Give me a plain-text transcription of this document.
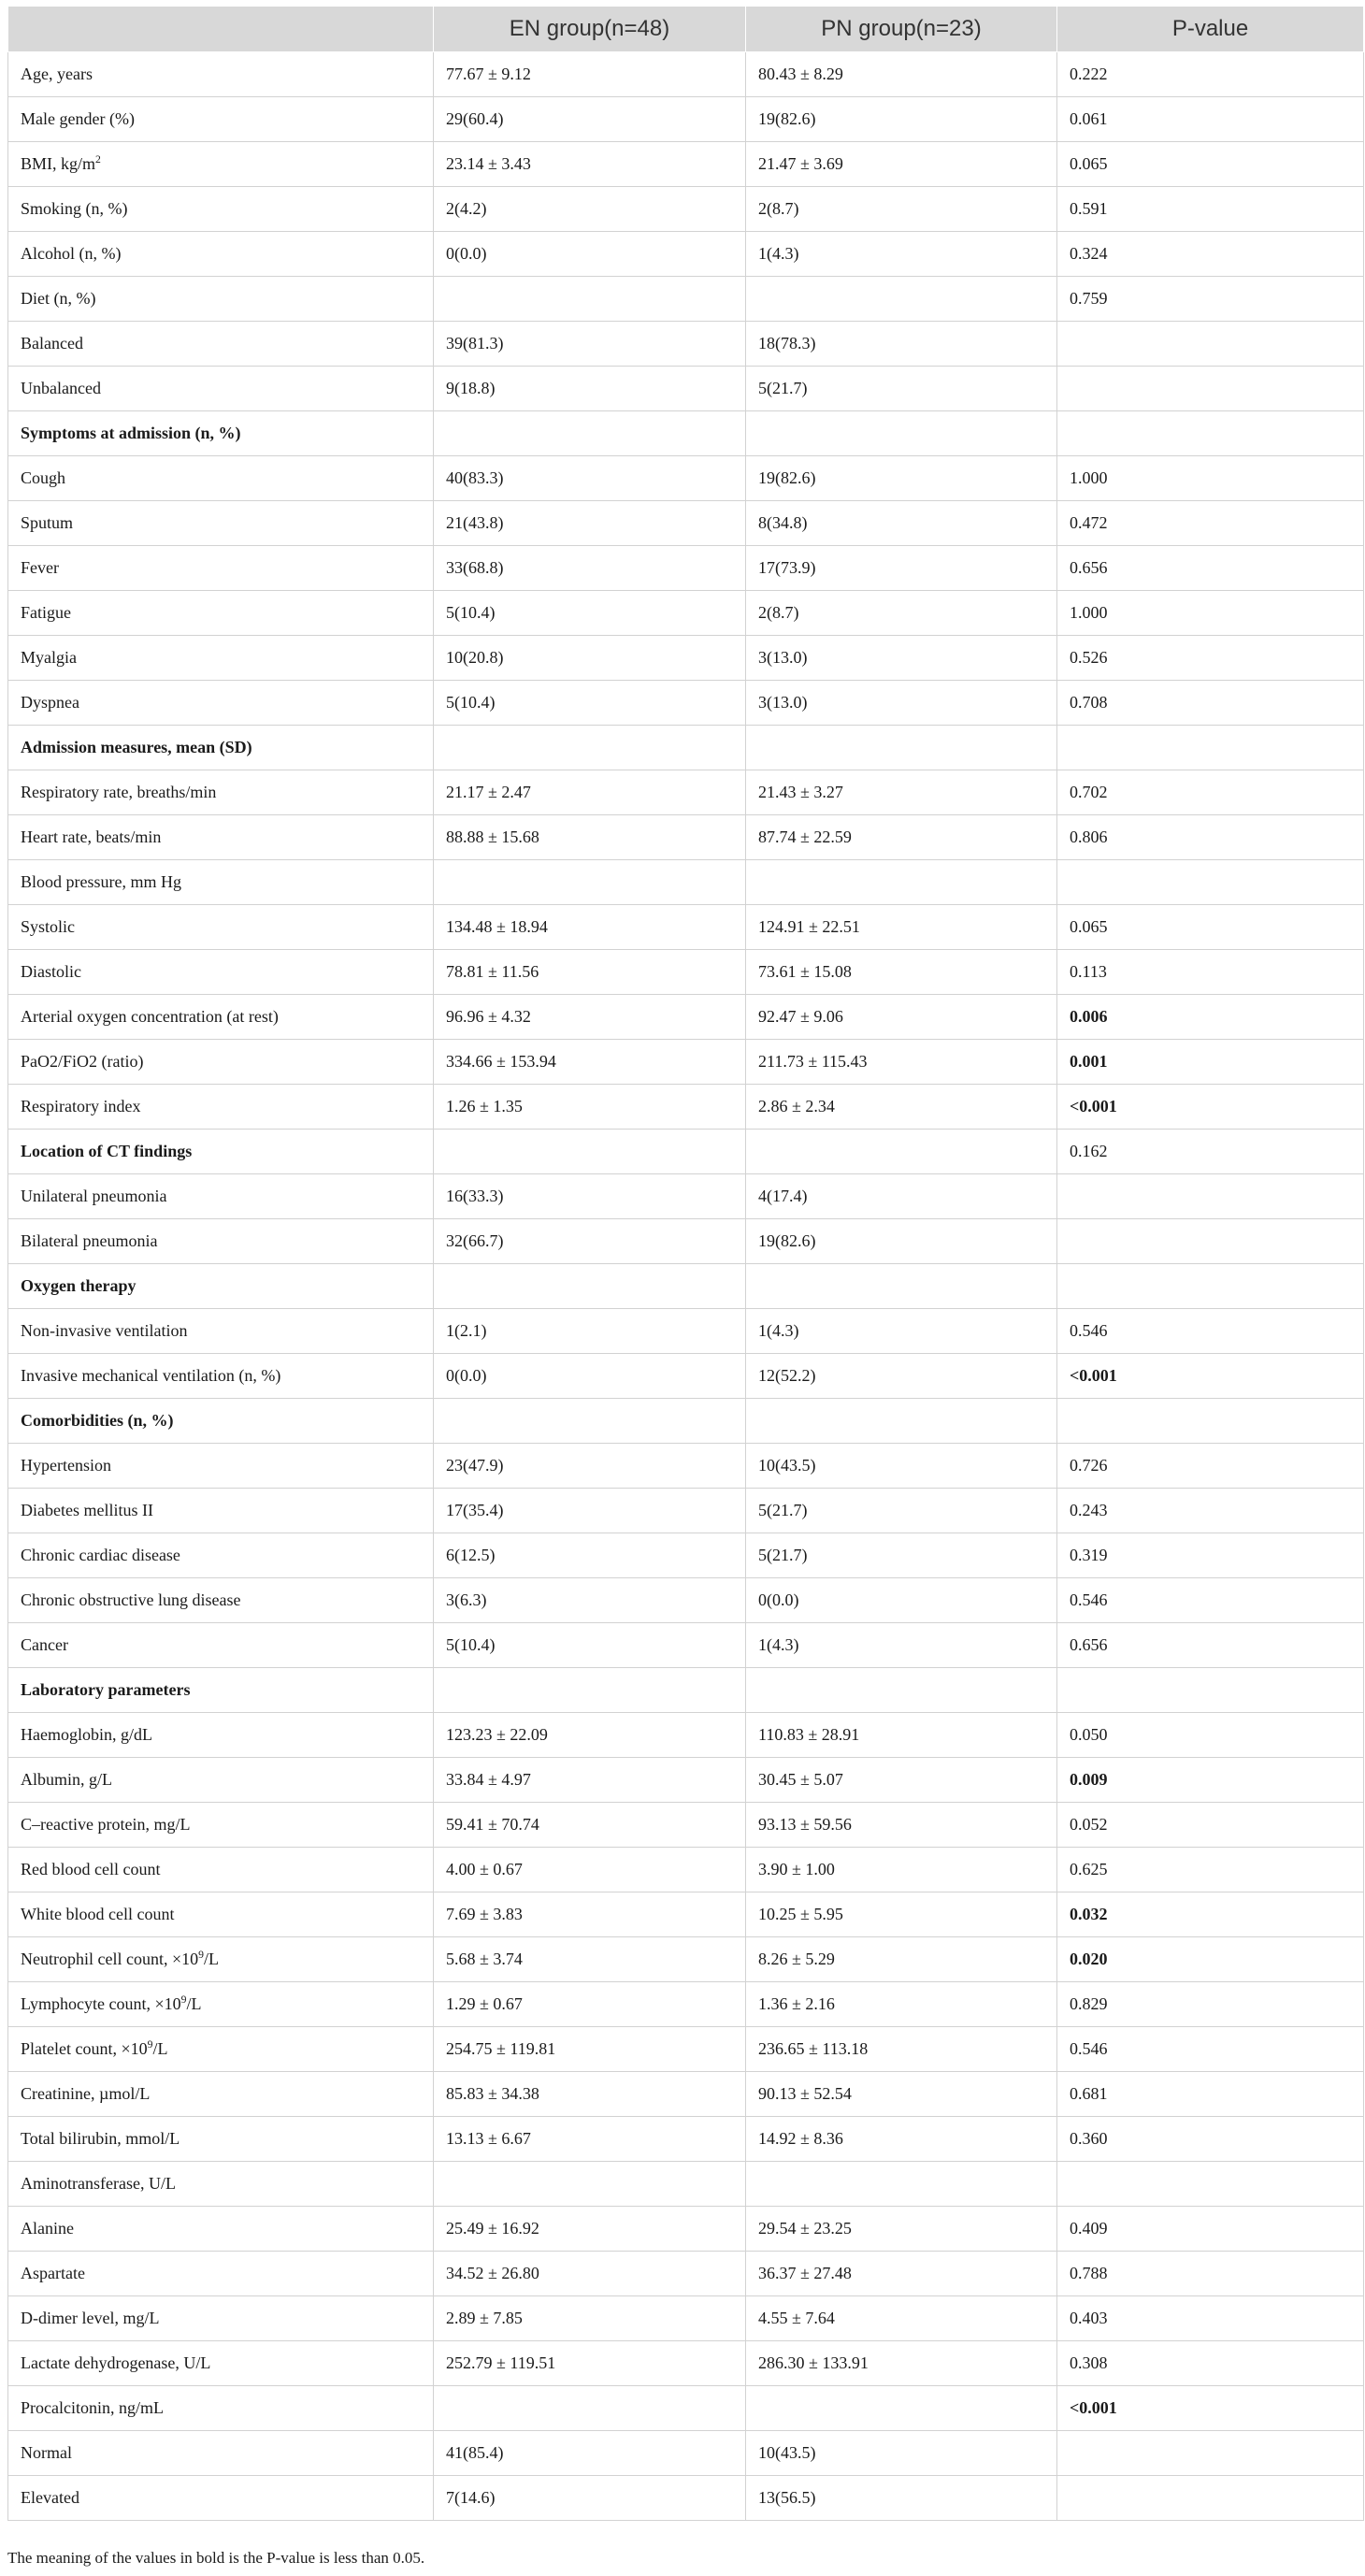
	EN group(n=48)	PN group(n=23)	P-value
Age, years	77.67 ± 9.12	80.43 ± 8.29	0.222
Male gender (%)	29(60.4)	19(82.6)	0.061
BMI, $kg/m^2$	23.14 ± 3.43	21.47 ± 3.69	0.065
Smoking (n, %)	2(4.2)	2(8.7)	0.591
Alcohol (n, %)	0(0.0)	1(4.3)	0.324
Diet (n, %)			0.759
Balanced	39(81.3)	18(78.3)	
Unbalanced	9(18.8)	5(21.7)	
Symptoms at admission (n, %)			
Cough	40(83.3)	19(82.6)	1.000
Sputum	21(43.8)	8(34.8)	0.472
Fever	33(68.8)	17(73.9)	0.656
Fatigue	5(10.4)	2(8.7)	1.000
Myalgia	10(20.8)	3(13.0)	0.526
Dyspnea	5(10.4)	3(13.0)	0.708
Admission measures, mean (SD)			
Respiratory rate, breaths/min	21.17 ± 2.47	21.43 ± 3.27	0.702
Heart rate, beats/min	88.88 ± 15.68	87.74 ± 22.59	0.806
Blood pressure, mm Hg			
Systolic	134.48 ± 18.94	124.91 ± 22.51	0.065
Diastolic	78.81 ± 11.56	73.61 ± 15.08	0.113
Arterial oxygen concentration (at rest)	96.96 ± 4.32	92.47 ± 9.06	0.006
PaO2/FiO2 (ratio)	334.66 ± 153.94	211.73 ± 115.43	0.001
Respiratory index	1.26 ± 1.35	2.86 ± 2.34	<0.001
Location of CT findings			0.162
Unilateral pneumonia	16(33.3)	4(17.4)	
Bilateral pneumonia	32(66.7)	19(82.6)	
Oxygen therapy			
Non-invasive ventilation	1(2.1)	1(4.3)	0.546
Invasive mechanical ventilation (n, %)	0(0.0)	12(52.2)	<0.001
Comorbidities (n, %)			
Hypertension	23(47.9)	10(43.5)	0.726
Diabetes mellitus II	17(35.4)	5(21.7)	0.243
Chronic cardiac disease	6(12.5)	5(21.7)	0.319
Chronic obstructive lung disease	3(6.3)	0(0.0)	0.546
Cancer	5(10.4)	1(4.3)	0.656
Laboratory parameters			
Haemoglobin, g/dL	123.23 ± 22.09	110.83 ± 28.91	0.050
Albumin, g/L	33.84 ± 4.97	30.45 ± 5.07	0.009
C–reactive protein, mg/L	59.41 ± 70.74	93.13 ± 59.56	0.052
Red blood cell count	4.00 ± 0.67	3.90 ± 1.00	0.625
White blood cell count	7.69 ± 3.83	10.25 ± 5.95	0.032
Neutrophil cell count, $\times 10^9/L$	5.68 ± 3.74	8.26 ± 5.29	0.020
Lymphocyte count, $\times 10^9/L$	1.29 ± 0.67	1.36 ± 2.16	0.829
Platelet count, $\times 10^9/L$	254.75 ± 119.81	236.65 ± 113.18	0.546
Creatinine, µmol/L	85.83 ± 34.38	90.13 ± 52.54	0.681
Total bilirubin, mmol/L	13.13 ± 6.67	14.92 ± 8.36	0.360
Aminotransferase, U/L			
Alanine	25.49 ± 16.92	29.54 ± 23.25	0.409
Aspartate	34.52 ± 26.80	36.37 ± 27.48	0.788
D-dimer level, mg/L	2.89 ± 7.85	4.55 ± 7.64	0.403
Lactate dehydrogenase, U/L	252.79 ± 119.51	286.30 ± 133.91	0.308
Procalcitonin, ng/mL			<0.001
Normal	41(85.4)	10(43.5)	
Elevated	7(14.6)	13(56.5)	
The meaning of the values in bold is the P-value is less than 0.05.
